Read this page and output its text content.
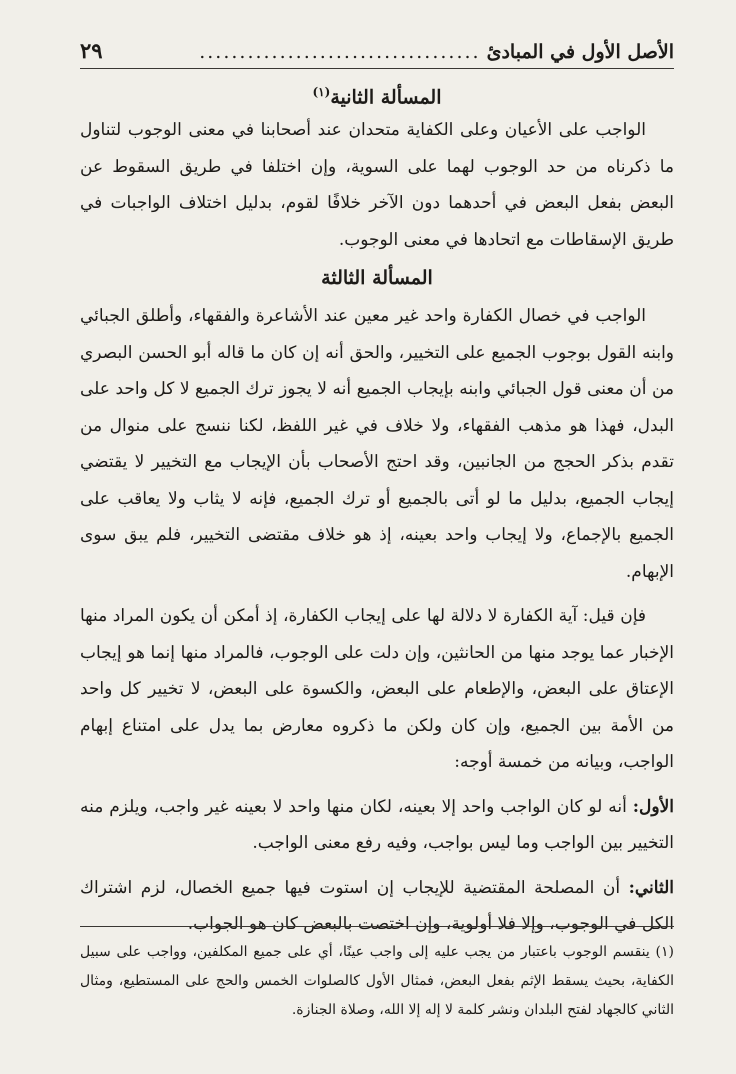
الأصل الأول في المبادئ
...................................
٢٩
المسألة الثانية$^{(١)}$

الواجب على الأعيان وعلى الكفاية متحدان عند أصحابنا في معنى الوجوب لتناول ما ذكرناه من حد الوجوب لهما على السوية، وإن اختلفا في طريق السقوط عن البعض بفعل البعض في أحدهما دون الآخر خلافًا لقوم، بدليل اختلاف الواجبات في طريق الإسقاطات مع اتحادها في معنى الوجوب.

المسألة الثالثة

الواجب في خصال الكفارة واحد غير معين عند الأشاعرة والفقهاء، وأطلق الجبائي وابنه القول بوجوب الجميع على التخيير، والحق أنه إن كان ما قاله أبو الحسن البصري من أن معنى قول الجبائي وابنه بإيجاب الجميع أنه لا يجوز ترك الجميع لا كل واحد على البدل، فهذا هو مذهب الفقهاء، ولا خلاف في غير اللفظ، لكنا ننسج على منوال من تقدم بذكر الحجج من الجانبين، وقد احتج الأصحاب بأن الإيجاب مع التخيير لا يقتضي إيجاب الجميع، بدليل ما لو أتى بالجميع أو ترك الجميع، فإنه لا يثاب ولا يعاقب على الجميع بالإجماع، ولا إيجاب واحد بعينه، إذ هو خلاف مقتضى التخيير، فلم يبق سوى الإبهام.

فإن قيل: آية الكفارة لا دلالة لها على إيجاب الكفارة، إذ أمكن أن يكون المراد منها الإخبار عما يوجد منها من الحانثين، وإن دلت على الوجوب، فالمراد منها إنما هو إيجاب الإعتاق على البعض، والإطعام على البعض، والكسوة على البعض، لا تخيير كل واحد من الأمة بين الجميع، وإن كان ولكن ما ذكروه معارض بما يدل على امتناع إبهام الواجب، وبيانه من خمسة أوجه:

الأول: أنه لو كان الواجب واحد إلا بعينه، لكان منها واحد لا بعينه غير واجب، ويلزم منه التخيير بين الواجب وما ليس بواجب، وفيه رفع معنى الواجب.

الثاني: أن المصلحة المقتضية للإيجاب إن استوت فيها جميع الخصال، لزم اشتراك الكل في الوجوب، وإلا فلا أولوية، وإن اختصت بالبعض كان هو الجواب.

(١) ينقسم الوجوب باعتبار من يجب عليه إلى واجب عينًا، أي على جميع المكلفين، وواجب على سبيل الكفاية، بحيث يسقط الإثم بفعل البعض، فمثال الأول كالصلوات الخمس والحج على المستطيع، ومثال الثاني كالجهاد لفتح البلدان ونشر كلمة لا إله إلا الله، وصلاة الجنازة.
